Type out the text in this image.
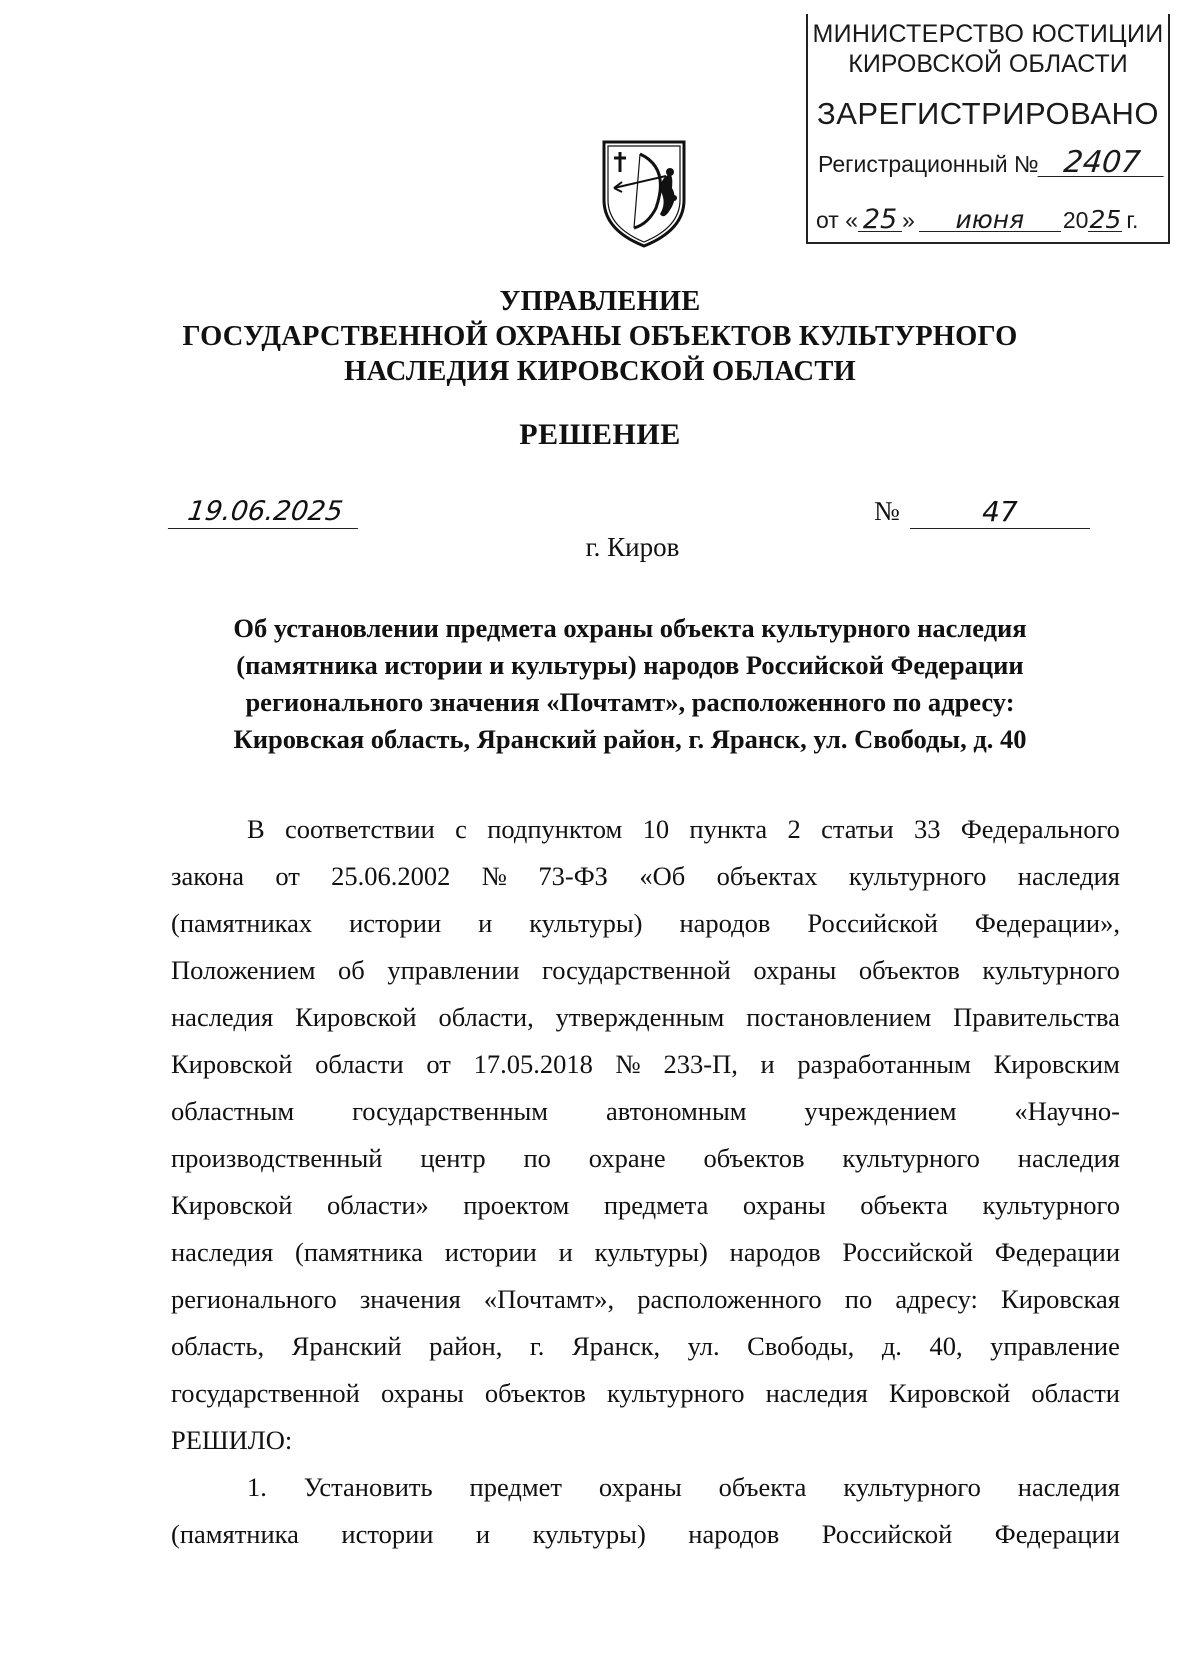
МИНИСТЕРСТВО ЮСТИЦИИ
КИРОВСКОЙ ОБЛАСТИ
ЗАРЕГИСТРИРОВАНО
Регистрационный № 2407
от « 25 » июня 2025 г.
УПРАВЛЕНИЕ
ГОСУДАРСТВЕННОЙ ОХРАНЫ ОБЪЕКТОВ КУЛЬТУРНОГО
НАСЛЕДИЯ КИРОВСКОЙ ОБЛАСТИ
РЕШЕНИЕ
19.06.2025	№	47
г. Киров
Об установлении предмета охраны объекта культурного наследия
(памятника истории и культуры) народов Российской Федерации
регионального значения «Почтамт», расположенного по адресу:
Кировская область, Яранский район, г. Яранск, ул. Свободы, д. 40
В соответствии с подпунктом 10 пункта 2 статьи 33 Федерального
закона от 25.06.2002 № 73-ФЗ «Об объектах культурного наследия
(памятниках истории и культуры) народов Российской Федерации»,
Положением об управлении государственной охраны объектов культурного
наследия Кировской области, утвержденным постановлением Правительства
Кировской области от 17.05.2018 № 233-П, и разработанным Кировским
областным государственным автономным учреждением «Научно-
производственный центр по охране объектов культурного наследия
Кировской области» проектом предмета охраны объекта культурного
наследия (памятника истории и культуры) народов Российской Федерации
регионального значения «Почтамт», расположенного по адресу: Кировская
область, Яранский район, г. Яранск, ул. Свободы, д. 40, управление
государственной охраны объектов культурного наследия Кировской области
РЕШИЛО:
1. Установить предмет охраны объекта культурного наследия
(памятника истории и культуры) народов Российской Федерации
